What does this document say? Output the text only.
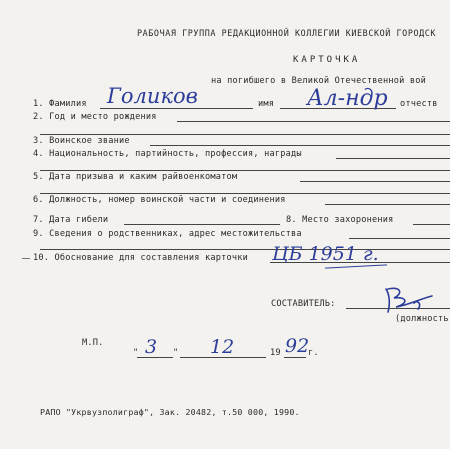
РАБОЧАЯ ГРУППА РЕДАКЦИОННОЙ КОЛЛЕГИИ КИЕВСКОЙ ГОРОДСК
КАРТОЧКА
на погибшего в Великой Отечественной вой
1. Фамилия Голиков	имя Ал-ндр отчеств
2. Год и место рождения
3. Воинское звание
4. Национальность, партийность, профессия, награды
5. Дата призыва и каким райвоенкоматом
6. Должность, номер воинской части и соединения
7. Дата гибели	8. Место захоронения
9. Сведения о родственниках, адрес местожительства
10. Обоснование для составления карточки ЦБ 1951 г.
СОСТАВИТЕЛЬ:
(должность
М.П.
" 3 " 12	19 92
г.
РАПО "Укрвузполиграф", Зак. 20482, т.50 000, 1990.
